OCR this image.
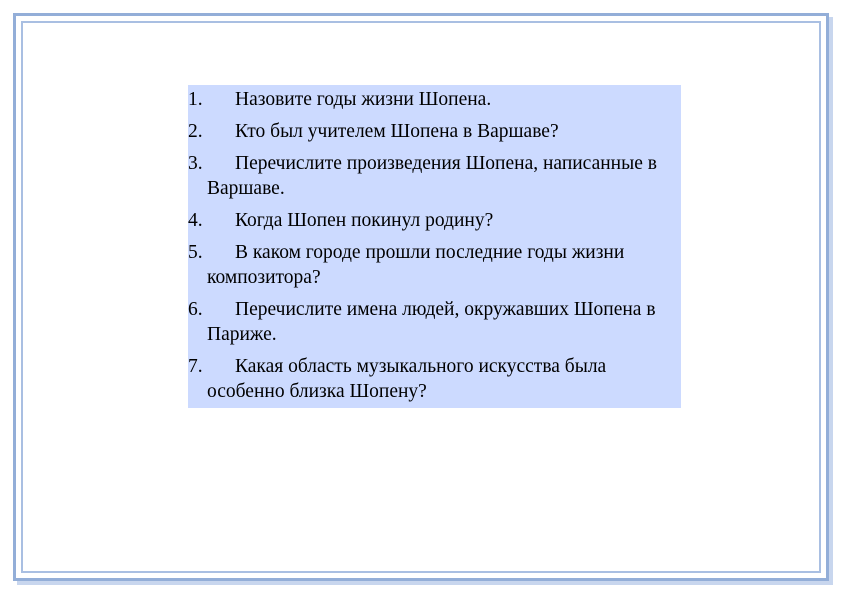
1. Назовите годы жизни Шопена.
2. Кто был учителем Шопена в Варшаве?
3. Перечислите произведения Шопена, написанные в Варшаве.
4. Когда Шопен покинул родину?
5. В каком городе прошли последние годы жизни композитора?
6. Перечислите имена людей, окружавших Шопена в Париже.
7. Какая область музыкального искусства была особенно близка Шопену?
